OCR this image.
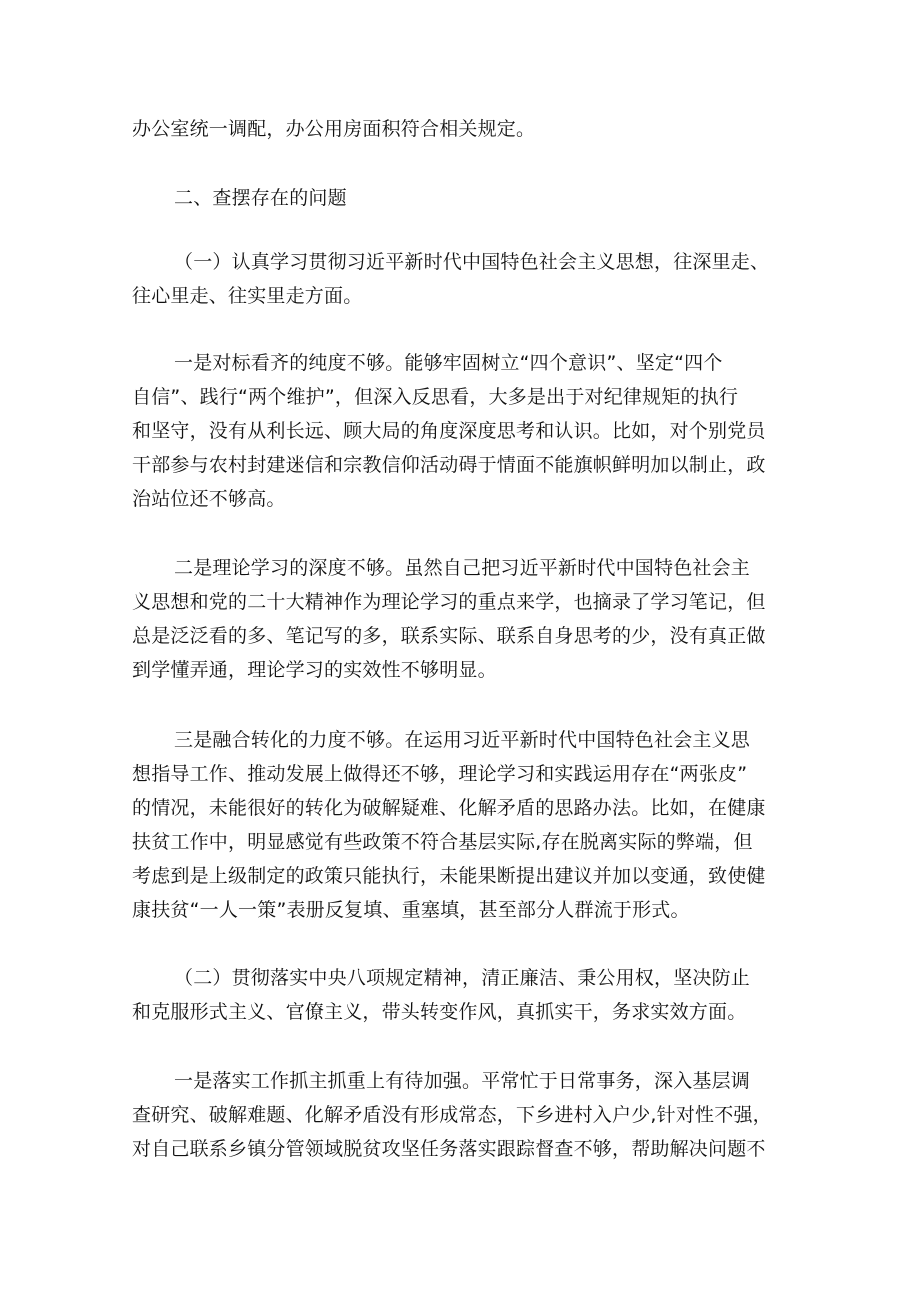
办公室统一调配，办公用房面积符合相关规定。

二、查摆存在的问题

（一）认真学习贯彻习近平新时代中国特色社会主义思想，往深里走、
往心里走、往实里走方面。

一是对标看齐的纯度不够。能够牢固树立“四个意识”、坚定“四个
自信”、践行“两个维护”，但深入反思看，大多是出于对纪律规矩的执行
和坚守，没有从利长远、顾大局的角度深度思考和认识。比如，对个别党员
干部参与农村封建迷信和宗教信仰活动碍于情面不能旗帜鲜明加以制止，政
治站位还不够高。

二是理论学习的深度不够。虽然自己把习近平新时代中国特色社会主
义思想和党的二十大精神作为理论学习的重点来学，也摘录了学习笔记，但
总是泛泛看的多、笔记写的多，联系实际、联系自身思考的少，没有真正做
到学懂弄通，理论学习的实效性不够明显。

三是融合转化的力度不够。在运用习近平新时代中国特色社会主义思
想指导工作、推动发展上做得还不够，理论学习和实践运用存在“两张皮”
的情况，未能很好的转化为破解疑难、化解矛盾的思路办法。比如，在健康
扶贫工作中，明显感觉有些政策不符合基层实际,存在脱离实际的弊端，但
考虑到是上级制定的政策只能执行，未能果断提出建议并加以变通，致使健
康扶贫“一人一策”表册反复填、重塞填，甚至部分人群流于形式。

（二）贯彻落实中央八项规定精神，清正廉洁、秉公用权，坚决防止
和克服形式主义、官僚主义，带头转变作风，真抓实干，务求实效方面。

一是落实工作抓主抓重上有待加强。平常忙于日常事务，深入基层调
查研究、破解难题、化解矛盾没有形成常态，下乡进村入户少,针对性不强，
对自己联系乡镇分管领域脱贫攻坚任务落实跟踪督查不够，帮助解决问题不
